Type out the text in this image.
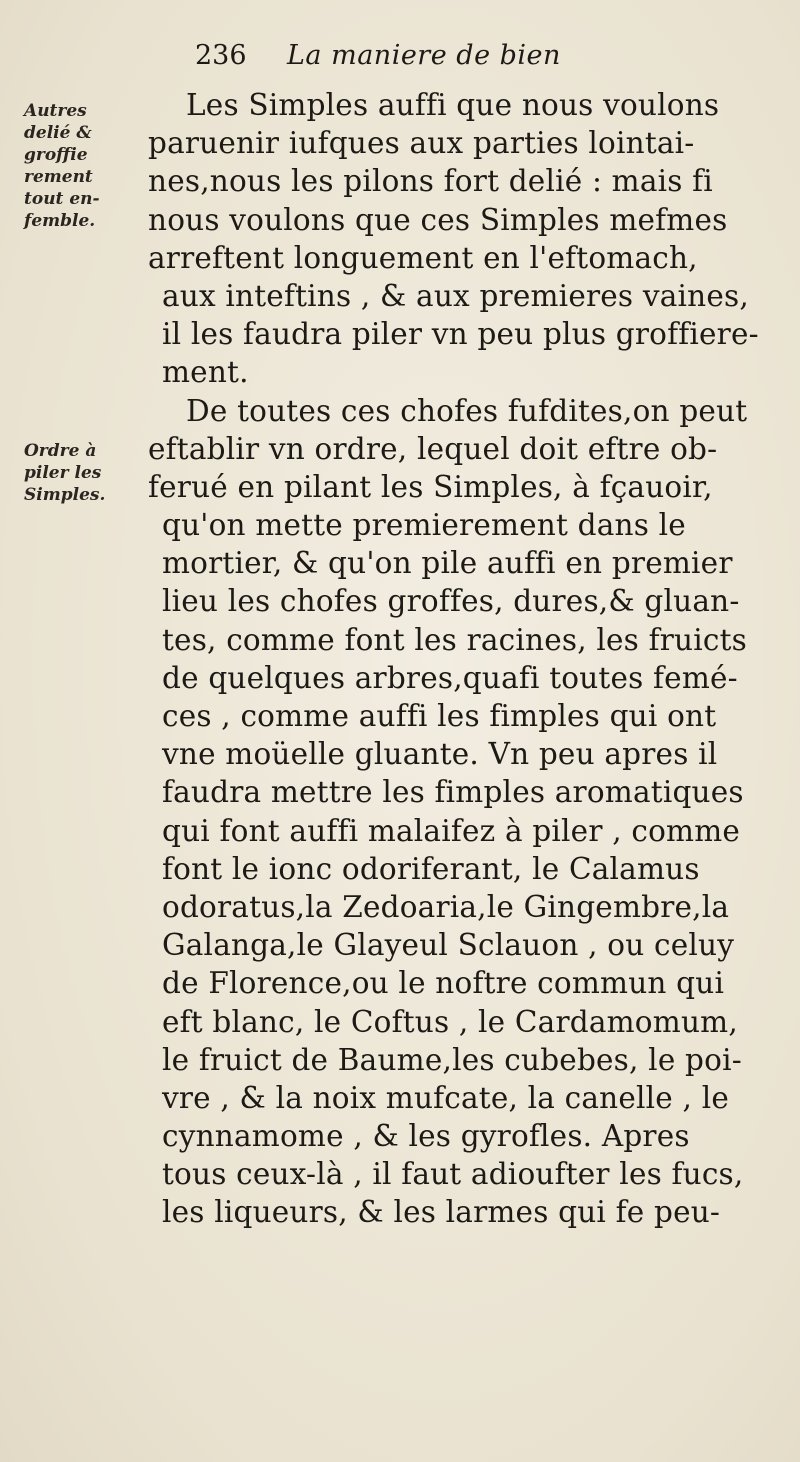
236 La maniere de bien
Autres
delié &
groffie
rement
tout en-
femble.
Ordre à
piler les
Simples.
Les Simples auffi que nous voulons
paruenir iufques aux parties lointai-
nes,nous les pilons fort delié : mais fi
nous voulons que ces Simples mefmes
arreftent longuement en l'eftomach,
aux inteftins , & aux premieres vaines,
il les faudra piler vn peu plus groffiere-
ment.
De toutes ces chofes fufdites,on peut
eftablir vn ordre, lequel doit eftre ob-
ferué en pilant les Simples, à fçauoir,
qu'on mette premierement dans le
mortier, & qu'on pile auffi en premier
lieu les chofes groffes, dures,& gluan-
tes, comme font les racines, les fruicts
de quelques arbres,quafi toutes femé-
ces , comme auffi les fimples qui ont
vne moüelle gluante. Vn peu apres il
faudra mettre les fimples aromatiques
qui font auffi malaifez à piler , comme
font le ionc odoriferant, le Calamus
odoratus,la Zedoaria,le Gingembre,la
Galanga,le Glayeul Sclauon , ou celuy
de Florence,ou le noftre commun qui
eft blanc, le Coftus , le Cardamomum,
le fruict de Baume,les cubebes, le poi-
vre , & la noix mufcate, la canelle , le
cynnamome , & les gyrofles. Apres
tous ceux-là , il faut adioufter les fucs,
les liqueurs, & les larmes qui fe peu-
